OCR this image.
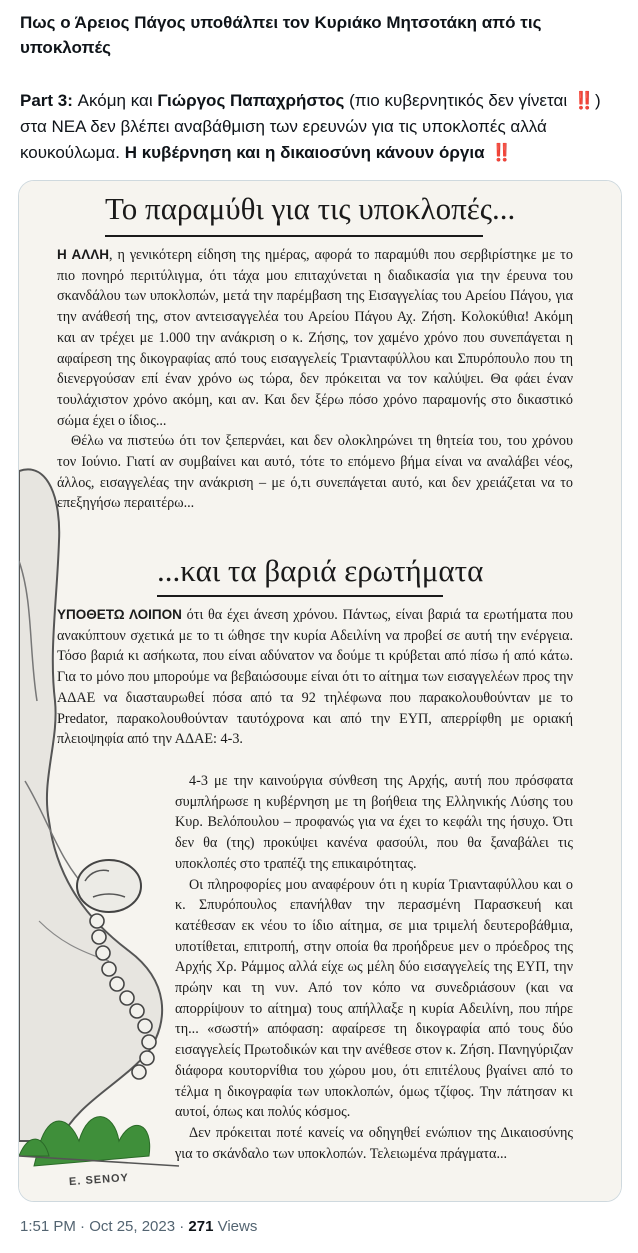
Πως ο Άρειος Πάγος υποθάλπει τον Κυριάκο Μητσοτάκη από τις υποκλοπές
Part 3: Ακόμη και Γιώργος Παπαχρήστος (πιο κυβερνητικός δεν γίνεται ‼️ ) στα ΝΕΑ δεν βλέπει αναβάθμιση των ερευνών για τις υποκλοπές αλλά κουκούλωμα. Η κυβέρνηση και η δικαιοσύνη κάνουν όργια ‼️
Το παραμύθι για τις υποκλοπές...

Η ΑΛΛΗ, η γενικότερη είδηση της ημέρας, αφορά το παραμύθι που σερβιρίστηκε με το πιο πονηρό περιτύλιγμα, ότι τάχα μου επιταχύνεται η διαδικασία για την έρευνα του σκανδάλου των υποκλοπών, μετά την παρέμβαση της Εισαγγελίας του Αρείου Πάγου, για την ανάθεσή της, στον αντεισαγγελέα του Αρείου Πάγου Αχ. Ζήση. Κολοκύθια! Ακόμη και αν τρέχει με 1.000 την ανάκριση ο κ. Ζήσης, τον χαμένο χρόνο που συνεπάγεται η αφαίρεση της δικογραφίας από τους εισαγγελείς Τριανταφύλλου και Σπυρόπουλο που τη διενεργούσαν επί έναν χρόνο ως τώρα, δεν πρόκειται να τον καλύψει. Θα φάει έναν τουλάχιστον χρόνο ακόμη, και αν. Και δεν ξέρω πόσο χρόνο παραμονής στο δικαστικό σώμα έχει ο ίδιος...

Θέλω να πιστεύω ότι τον ξεπερνάει, και δεν ολοκληρώνει τη θητεία του, του χρόνου τον Ιούνιο. Γιατί αν συμβαίνει και αυτό, τότε το επόμενο βήμα είναι να αναλάβει νέος, άλλος, εισαγγελέας την ανάκριση – με ό,τι συνεπάγεται αυτό, και δεν χρειάζεται να το επεξηγήσω περαιτέρω...

...και τα βαριά ερωτήματα

ΥΠΟΘΕΤΩ ΛΟΙΠΟΝ ότι θα έχει άνεση χρόνου. Πάντως, είναι βαριά τα ερωτήματα που ανακύπτουν σχετικά με το τι ώθησε την κυρία Αδειλίνη να προβεί σε αυτή την ενέργεια. Τόσο βαριά κι ασήκωτα, που είναι αδύνατον να δούμε τι κρύβεται από πίσω ή από κάτω. Για το μόνο που μπορούμε να βεβαιώσουμε είναι ότι το αίτημα των εισαγγελέων προς την ΑΔΑΕ να διασταυρωθεί πόσα από τα 92 τηλέφωνα που παρακολουθούνταν με το Predator, παρακολουθούνταν ταυτόχρονα και από την ΕΥΠ, απερρίφθη με οριακή πλειοψηφία από την ΑΔΑΕ: 4-3.

4-3 με την καινούργια σύνθεση της Αρχής, αυτή που πρόσφατα συμπλήρωσε η κυβέρνηση με τη βοήθεια της Ελληνικής Λύσης του Κυρ. Βελόπουλου – προφανώς για να έχει το κεφάλι της ήσυχο. Ότι δεν θα (της) προκύψει κανένα φασούλι, που θα ξαναβάλει τις υποκλοπές στο τραπέζι της επικαιρότητας.

Οι πληροφορίες μου αναφέρουν ότι η κυρία Τριανταφύλλου και ο κ. Σπυρόπουλος επανήλθαν την περασμένη Παρασκευή και κατέθεσαν εκ νέου το ίδιο αίτημα, σε μια τριμελή δευτεροβάθμια, υποτίθεται, επιτροπή, στην οποία θα προήδρευε μεν ο πρόεδρος της Αρχής Χρ. Ράμμος αλλά είχε ως μέλη δύο εισαγγελείς της ΕΥΠ, την πρώην και τη νυν. Από τον κόπο να συνεδριάσουν (και να απορρίψουν το αίτημα) τους απήλλαξε η κυρία Αδειλίνη, που πήρε τη... «σωστή» απόφαση: αφαίρεσε τη δικογραφία από τους δύο εισαγγελείς Πρωτοδικών και την ανέθεσε στον κ. Ζήση. Πανηγύριζαν διάφορα κουτορνίθια του χώρου μου, ότι επιτέλους βγαίνει από το τέλμα η δικογραφία των υποκλοπών, όμως τζίφος. Την πάτησαν κι αυτοί, όπως και πολύς κόσμος.

Δεν πρόκειται ποτέ κανείς να οδηγηθεί ενώπιον της Δικαιοσύνης για το σκάνδαλο των υποκλοπών. Τελειωμένα πράγματα...

E. SENOY
1:51 PM · Oct 25, 2023 · 271 Views
